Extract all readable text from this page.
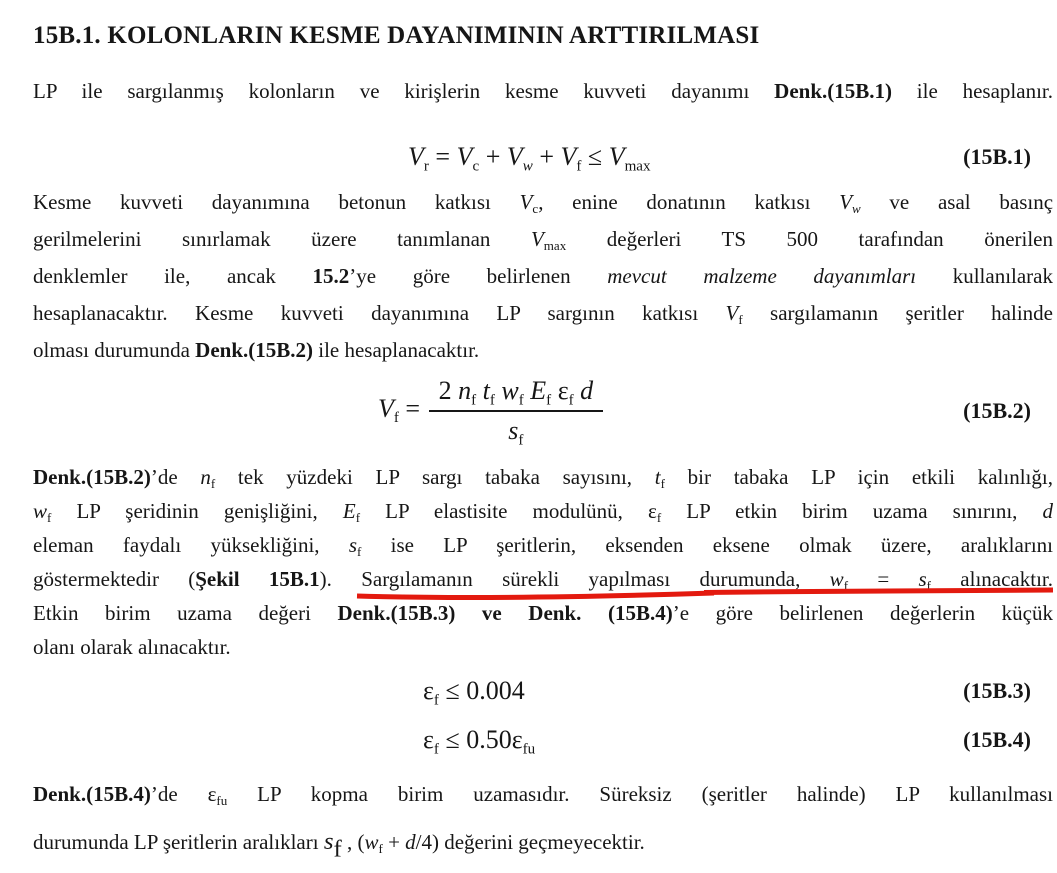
15B.1. KOLONLARIN KESME DAYANIMININ ARTTIRILMASI
LP ile sargılanmış kolonların ve kirişlerin kesme kuvveti dayanımı Denk.(15B.1) ile hesaplanır.
$V_r = V_c + V_w + V_f \le V_{max}$	(15B.1)
Kesme kuvveti dayanımına betonun katkısı $V_c$, enine donatının katkısı $V_w$ ve asal basınç
gerilmelerini sınırlamak üzere tanımlanan $V_{max}$ değerleri TS 500 tarafından önerilen
denklemler ile, ancak 15.2’ye göre belirlenen mevcut malzeme dayanımları kullanılarak
hesaplanacaktır. Kesme kuvveti dayanımına LP sargının katkısı $V_f$ sargılamanın şeritler halinde
olması durumunda Denk.(15B.2) ile hesaplanacaktır.
$V_f = \frac{2 n_f t_f w_f E_f \varepsilon_f d}{s_f}$	(15B.2)
Denk.(15B.2)’de $n_f$ tek yüzdeki LP sargı tabaka sayısını, $t_f$ bir tabaka LP için etkili kalınlığı,
$w_f$ LP şeridinin genişliğini, $E_f$ LP elastisite modulünü, $\varepsilon_f$ LP etkin birim uzama sınırını, d
eleman faydalı yüksekliğini, $s_f$ ise LP şeritlerin, eksenden eksene olmak üzere, aralıklarını
göstermektedir (Şekil 15B.1). Sargılamanın sürekli yapılması durumunda, $w_f = s_f$ alınacaktır.
Etkin birim uzama değeri Denk.(15B.3) ve Denk. (15B.4)’e göre belirlenen değerlerin küçük
olanı olarak alınacaktır.
$\varepsilon_f \le 0.004$	(15B.3)
$\varepsilon_f \le 0.50\varepsilon_{fu}$	(15B.4)
Denk.(15B.4)’de $\varepsilon_{fu}$ LP kopma birim uzamasıdır. Süreksiz (şeritler halinde) LP kullanılması
durumunda LP şeritlerin aralıkları sf , $(w_f + d/4)$ değerini geçmeyecektir.
